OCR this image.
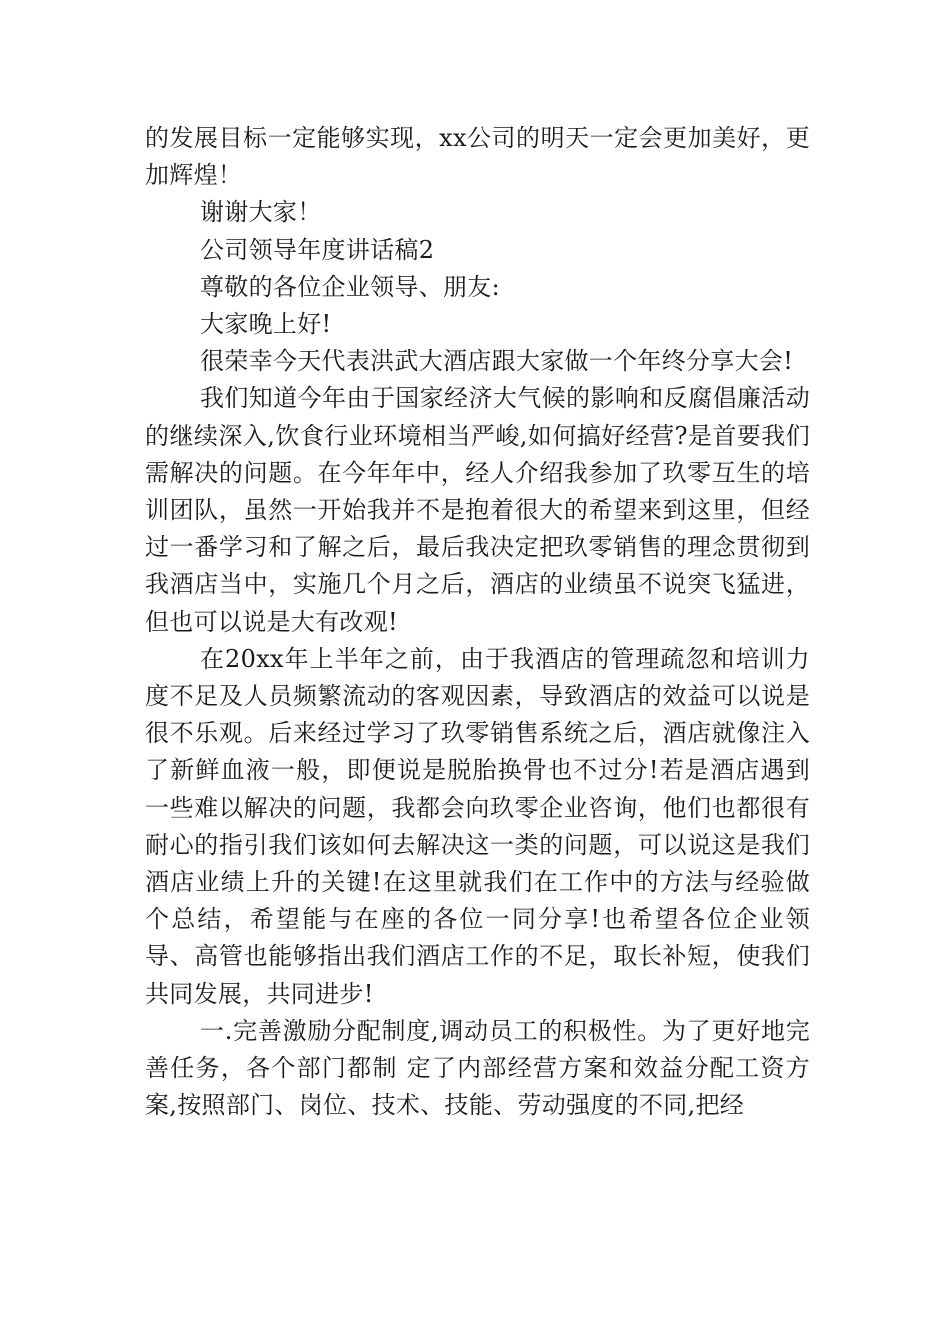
的发展目标一定能够实现，xx公司的明天一定会更加美好，更加辉煌！

谢谢大家！

公司领导年度讲话稿2

尊敬的各位企业领导、朋友:

大家晚上好!

很荣幸今天代表洪武大酒店跟大家做一个年终分享大会!

我们知道今年由于国家经济大气候的影响和反腐倡廉活动的继续深入,饮食行业环境相当严峻,如何搞好经营?是首要我们需解决的问题。在今年年中，经人介绍我参加了玖零互生的培训团队，虽然一开始我并不是抱着很大的希望来到这里，但经过一番学习和了解之后，最后我决定把玖零销售的理念贯彻到我酒店当中，实施几个月之后，酒店的业绩虽不说突飞猛进，但也可以说是大有改观!

在20xx年上半年之前，由于我酒店的管理疏忽和培训力度不足及人员频繁流动的客观因素，导致酒店的效益可以说是很不乐观。后来经过学习了玖零销售系统之后，酒店就像注入了新鲜血液一般，即便说是脱胎换骨也不过分!若是酒店遇到一些难以解决的问题，我都会向玖零企业咨询，他们也都很有耐心的指引我们该如何去解决这一类的问题，可以说这是我们酒店业绩上升的关键!在这里就我们在工作中的方法与经验做个总结，希望能与在座的各位一同分享!也希望各位企业领导、高管也能够指出我们酒店工作的不足，取长补短，使我们共同发展，共同进步!

一.完善激励分配制度,调动员工的积极性。为了更好地完善任务，各个部门都制 定了内部经营方案和效益分配工资方案,按照部门、岗位、技术、技能、劳动强度的不同,把经
